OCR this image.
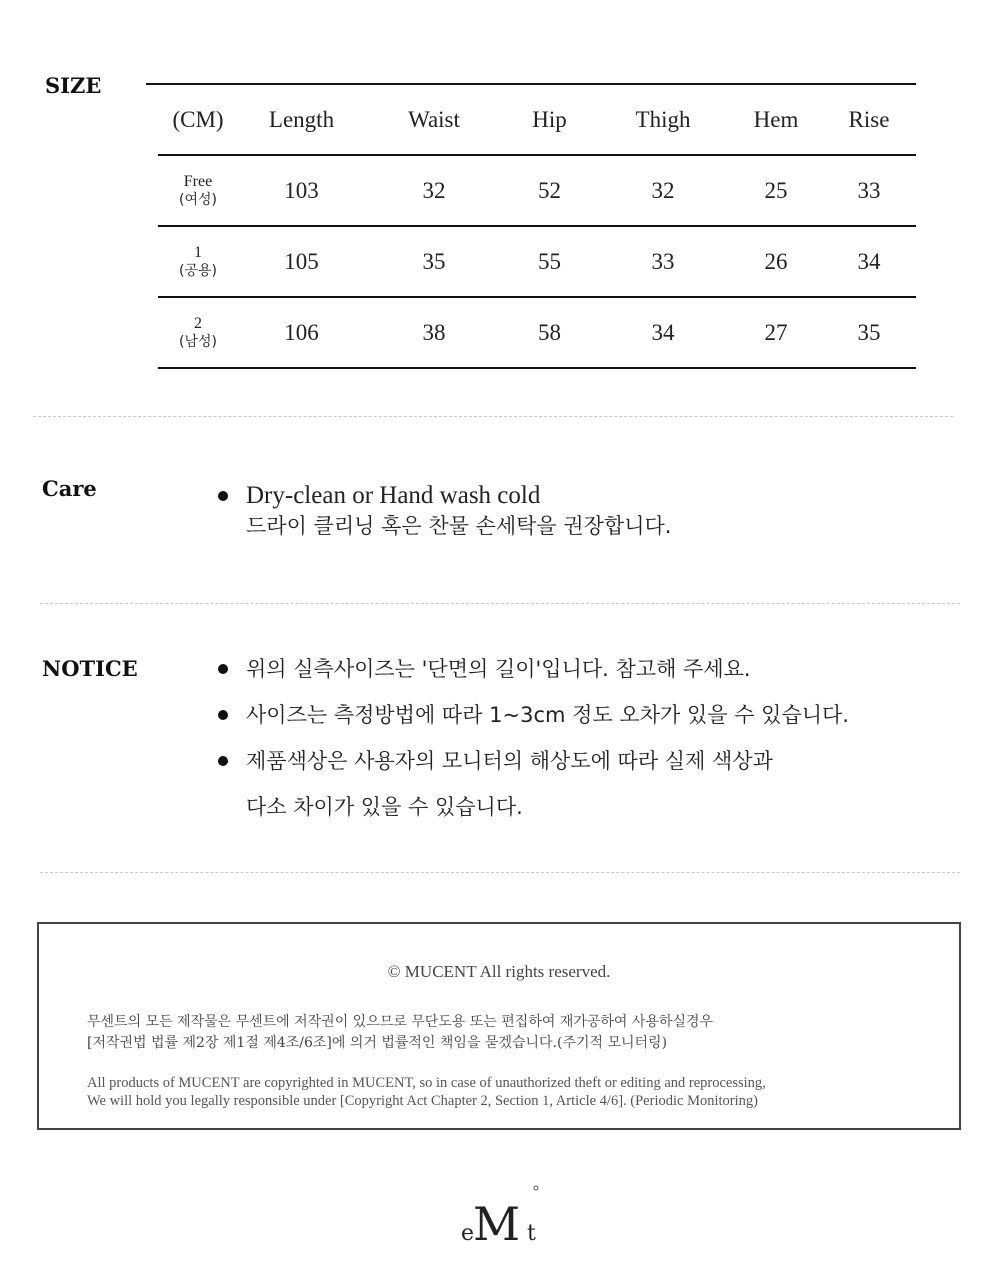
SIZE
(CM)	Length	Waist	Hip	Thigh	Hem	Rise
Free
(여성)	103	32	52	32	25	33
1
(공용)	105	35	55	33	26	34
2
(남성)	106	38	58	34	27	35
Care	Dry-clean or Hand wash cold
드라이 클리닝 혹은 찬물 손세탁을 권장합니다.
NOTICE	위의 실측사이즈는 '단면의 길이'입니다. 참고해 주세요.
사이즈는 측정방법에 따라 1~3cm 정도 오차가 있을 수 있습니다.
제품색상은 사용자의 모니터의 해상도에 따라 실제 색상과
다소 차이가 있을 수 있습니다.
© MUCENT All rights reserved.
무센트의 모든 제작물은 무센트에 저작권이 있으므로 무단도용 또는 편집하여 재가공하여 사용하실경우
[저작권법 법률 제2장 제1절 제4조/6조]에 의거 법률적인 책임을 묻겠습니다.(주기적 모니터링)
All products of MUCENT are copyrighted in MUCENT, so in case of unauthorized theft or editing and reprocessing,
We will hold you legally responsible under [Copyright Act Chapter 2, Section 1, Article 4/6]. (Periodic Monitoring)
e
M t
